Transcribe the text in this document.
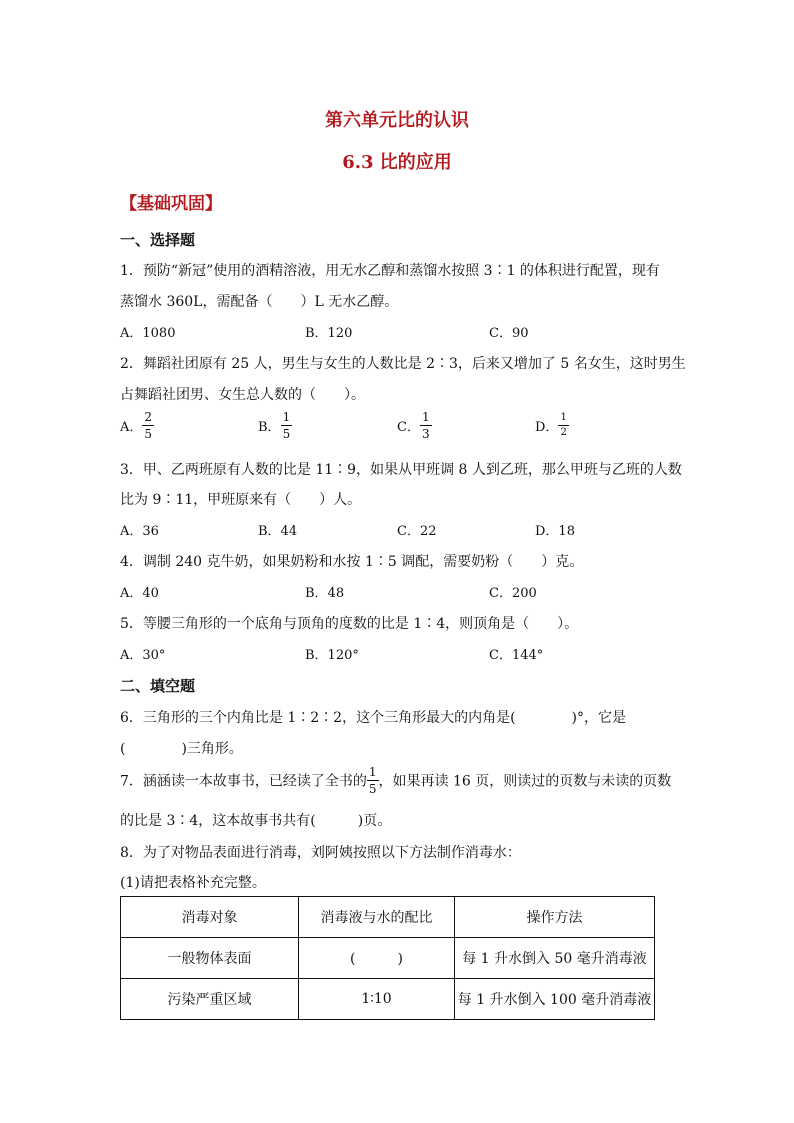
第六单元比的认识
6.3 比的应用
【基础巩固】
一、选择题
1．预防“新冠”使用的酒精溶液，用无水乙醇和蒸馏水按照 3∶1 的体积进行配置，现有
蒸馏水 360L，需配备（　　）L 无水乙醇。
A．1080	B．120	C．90
2．舞蹈社团原有 25 人，男生与女生的人数比是 2∶3，后来又增加了 5 名女生，这时男生
占舞蹈社团男、女生总人数的（　　）。
A． $\frac{2}{5}$	B． $\frac{1}{5}$	C． $\frac{1}{3}$	D． $\frac{1}{2}$
3．甲、乙两班原有人数的比是 11∶9，如果从甲班调 8 人到乙班，那么甲班与乙班的人数
比为 9∶11，甲班原来有（　　）人。
A．36	B．44	C．22	D．18
4．调制 240 克牛奶，如果奶粉和水按 1∶5 调配，需要奶粉（　　）克。
A．40	B．48	C．200
5．等腰三角形的一个底角与顶角的度数的比是 1∶4，则顶角是（　　）。
A．30°	B．120°	C．144°
二、填空题
6．三角形的三个内角比是 1∶2∶2，这个三角形最大的内角是(　　　　)°，它是
(　　　　)三角形。
7．涵涵读一本故事书，已经读了全书的 $\frac{1}{5}$ ，如果再读 16 页，则读过的页数与未读的页数
的比是 3∶4，这本故事书共有(　　　)页。
8．为了对物品表面进行消毒，刘阿姨按照以下方法制作消毒水：
(1)请把表格补充完整。
消毒对象	消毒液与水的配比	操作方法
一般物体表面	(　　　)	每 1 升水倒入 50 毫升消毒液
污染严重区域	1∶10	每 1 升水倒入 100 毫升消毒液
